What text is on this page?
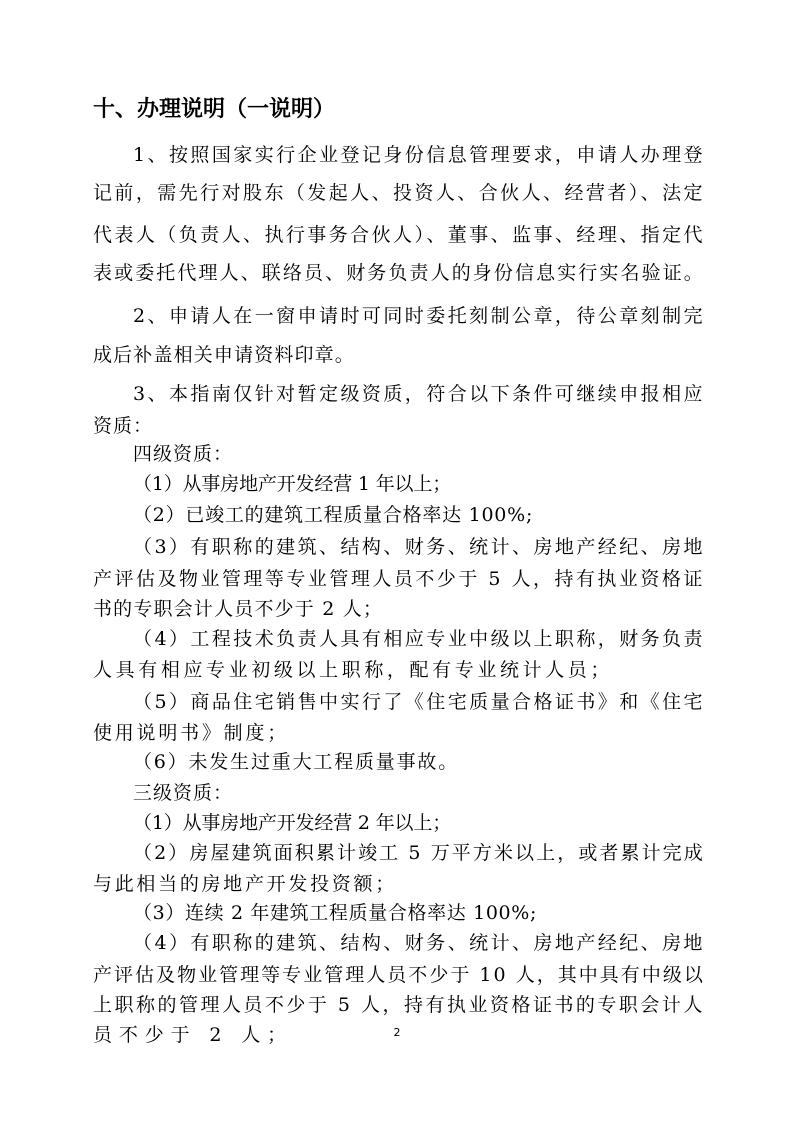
十、办理说明（一说明）
1、按照国家实行企业登记身份信息管理要求，申请人办理登
记前，需先行对股东（发起人、投资人、合伙人、经营者）、法定
代表人（负责人、执行事务合伙人）、董事、监事、经理、指定代
表或委托代理人、联络员、财务负责人的身份信息实行实名验证。
2、申请人在一窗申请时可同时委托刻制公章，待公章刻制完
成后补盖相关申请资料印章。
3、本指南仅针对暂定级资质，符合以下条件可继续申报相应
资质：
四级资质：
（1）从事房地产开发经营 1 年以上；
（2）已竣工的建筑工程质量合格率达 100%;
（3）有职称的建筑、结构、财务、统计、房地产经纪、房地
产评估及物业管理等专业管理人员不少于 5 人，持有执业资格证
书的专职会计人员不少于 2 人；
（4）工程技术负责人具有相应专业中级以上职称，财务负责
人具有相应专业初级以上职称，配有专业统计人员；
（5）商品住宅销售中实行了《住宅质量合格证书》和《住宅
使用说明书》制度；
（6）未发生过重大工程质量事故。
三级资质：
（1）从事房地产开发经营 2 年以上；
（2）房屋建筑面积累计竣工 5 万平方米以上，或者累计完成
与此相当的房地产开发投资额；
（3）连续 2 年建筑工程质量合格率达 100%;
（4）有职称的建筑、结构、财务、统计、房地产经纪、房地
产评估及物业管理等专业管理人员不少于 10 人，其中具有中级以
上职称的管理人员不少于 5 人，持有执业资格证书的专职会计人
员不少于 2 人；	2
